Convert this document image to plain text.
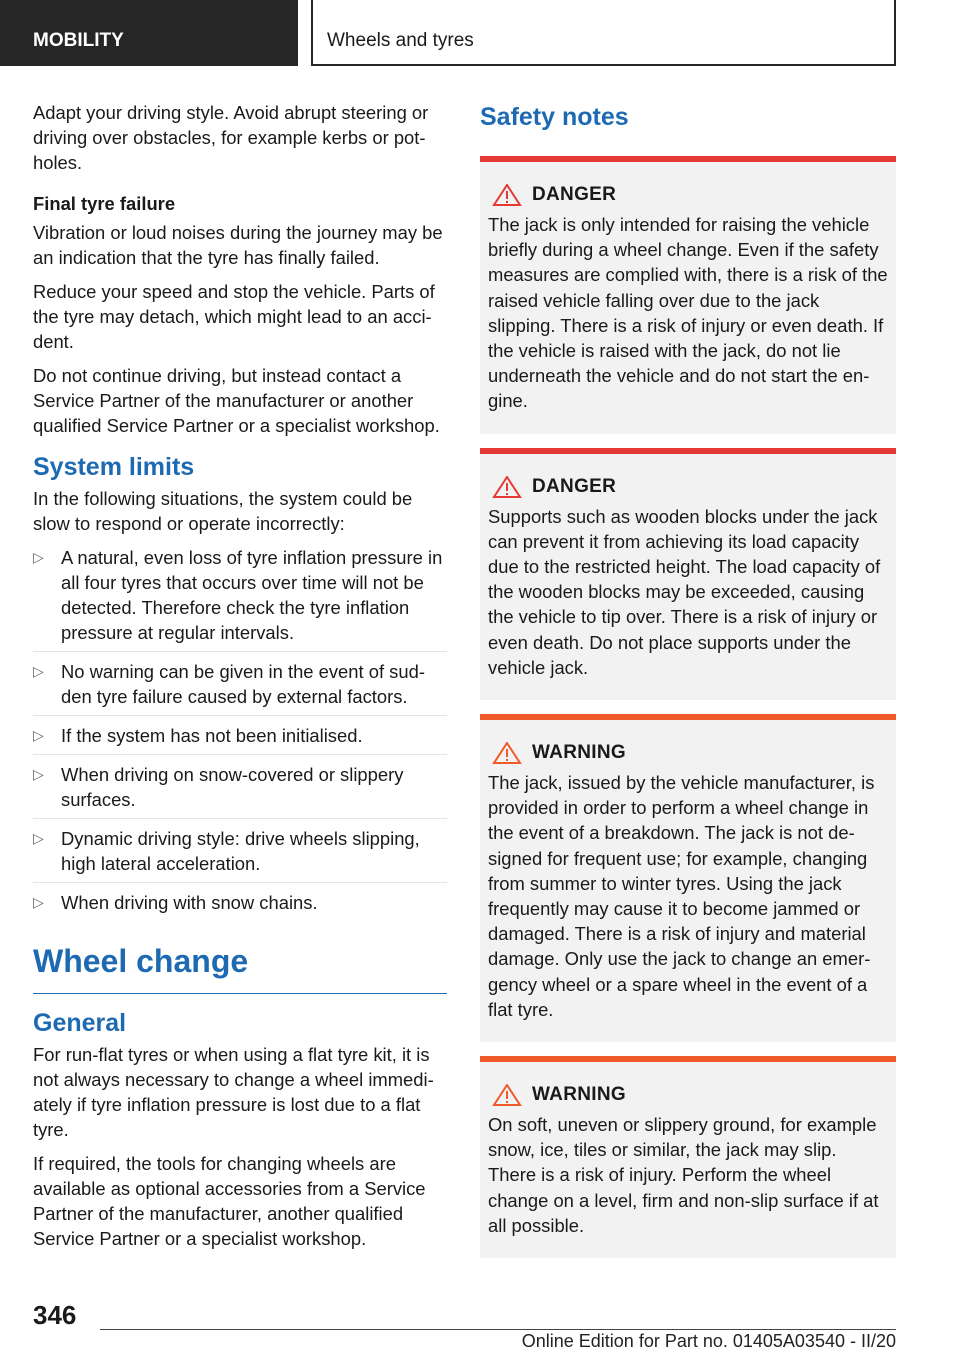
MOBILITY	Wheels and tyres

Adapt your driving style. Avoid abrupt steering or driving over obstacles, for example kerbs or potholes.

Final tyre failure

Vibration or loud noises during the journey may be an indication that the tyre has finally failed.

Reduce your speed and stop the vehicle. Parts of the tyre may detach, which might lead to an accident.

Do not continue driving, but instead contact a Service Partner of the manufacturer or another qualified Service Partner or a specialist workshop.

System limits

In the following situations, the system could be slow to respond or operate incorrectly:

▷ A natural, even loss of tyre inflation pressure in all four tyres that occurs over time will not be detected. Therefore check the tyre inflation pressure at regular intervals.
▷ No warning can be given in the event of sudden tyre failure caused by external factors.
▷ If the system has not been initialised.
▷ When driving on snow-covered or slippery surfaces.
▷ Dynamic driving style: drive wheels slipping, high lateral acceleration.
▷ When driving with snow chains.
Wheel change
General

For run-flat tyres or when using a flat tyre kit, it is not always necessary to change a wheel immediately if tyre inflation pressure is lost due to a flat tyre.

If required, the tools for changing wheels are available as optional accessories from a Service Partner of the manufacturer, another qualified Service Partner or a specialist workshop.

Safety notes
DANGER

The jack is only intended for raising the vehicle briefly during a wheel change. Even if the safety measures are complied with, there is a risk of the raised vehicle falling over due to the jack slipping. There is a risk of injury or even death. If the vehicle is raised with the jack, do not lie underneath the vehicle and do not start the engine.

DANGER

Supports such as wooden blocks under the jack can prevent it from achieving its load capacity due to the restricted height. The load capacity of the wooden blocks may be exceeded, causing the vehicle to tip over. There is a risk of injury or even death. Do not place supports under the vehicle jack.

WARNING

The jack, issued by the vehicle manufacturer, is provided in order to perform a wheel change in the event of a breakdown. The jack is not designed for frequent use; for example, changing from summer to winter tyres. Using the jack frequently may cause it to become jammed or damaged. There is a risk of injury and material damage. Only use the jack to change an emergency wheel or a spare wheel in the event of a flat tyre.

WARNING

On soft, uneven or slippery ground, for example snow, ice, tiles or similar, the jack may slip. There is a risk of injury. Perform the wheel change on a level, firm and non-slip surface if at all possible.

346
Online Edition for Part no. 01405A03540 - II/20
